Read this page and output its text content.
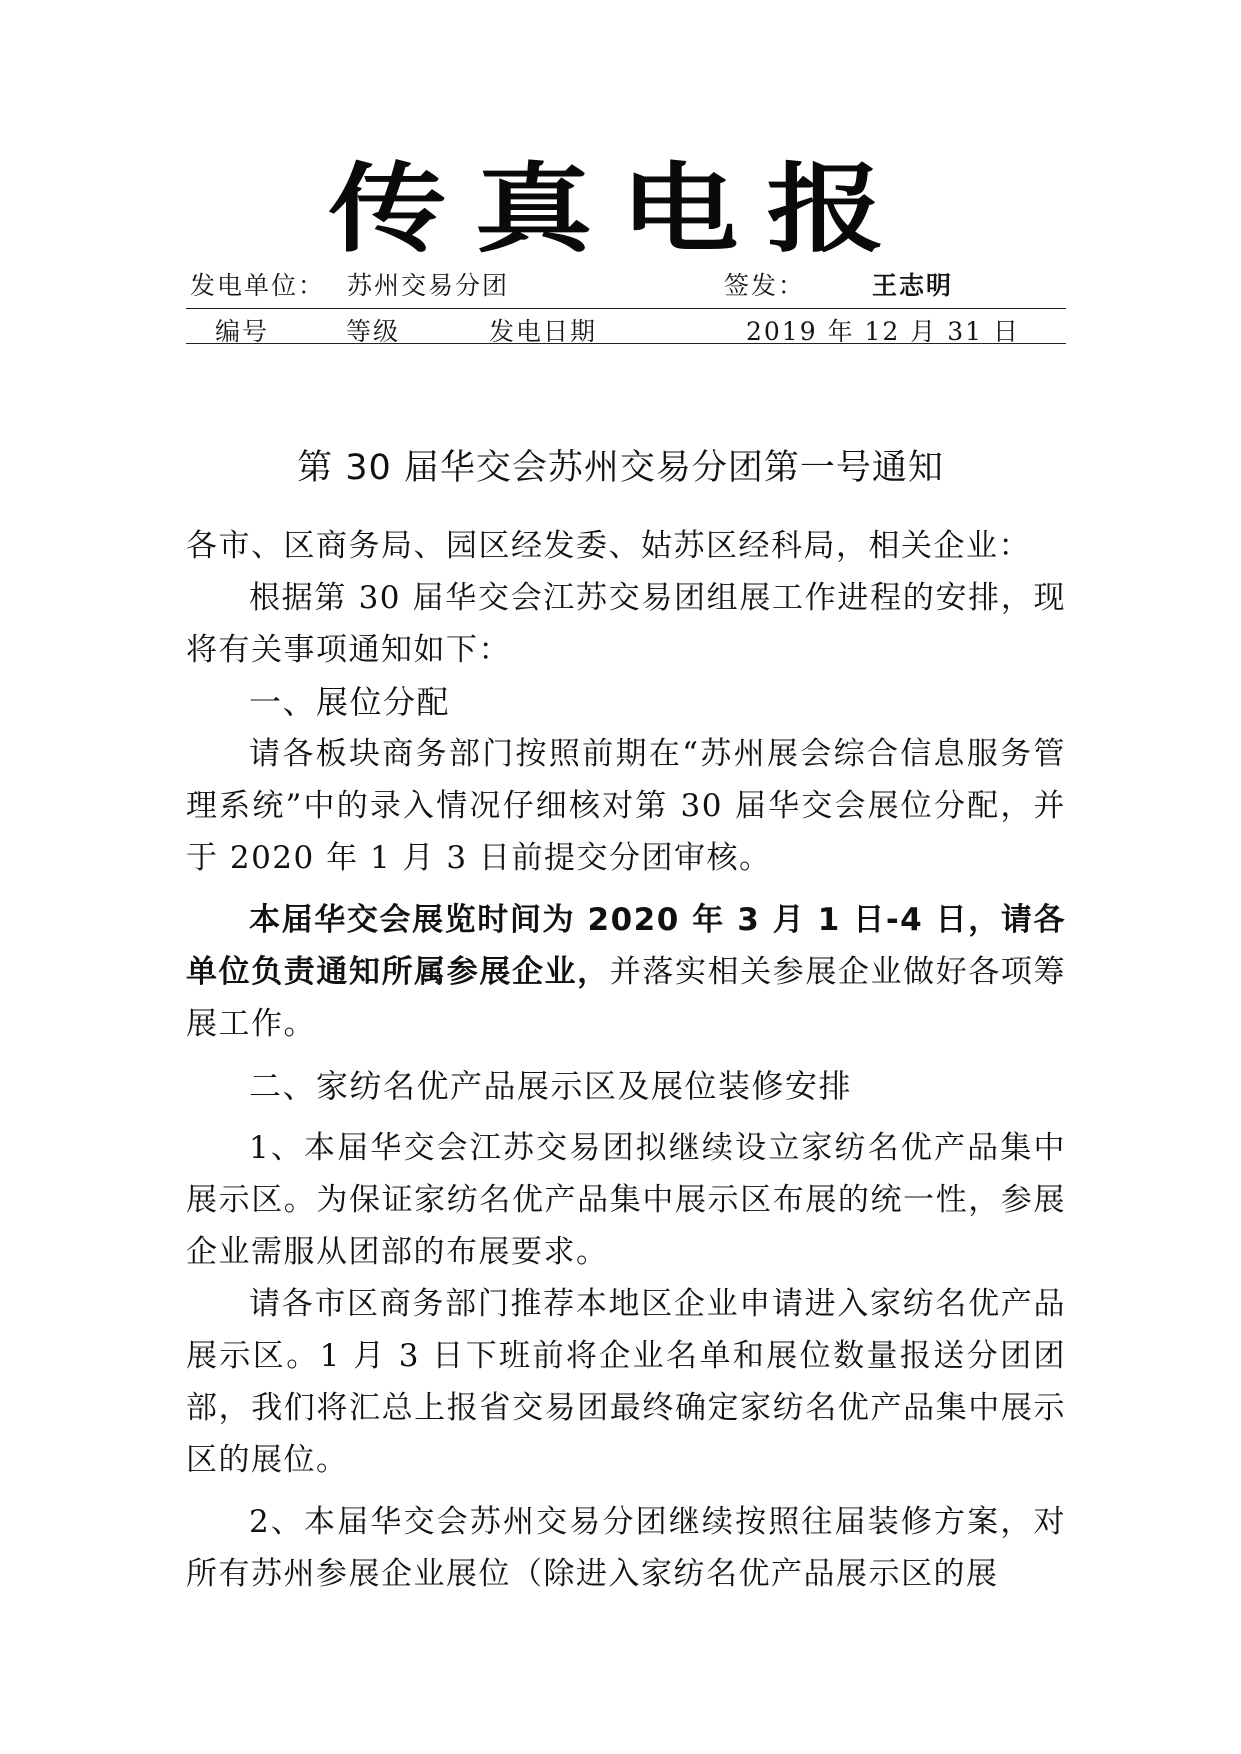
传真电报
发电单位： 苏州交易分团	签发：	王志明
编号	等级	发电日期	2019 年 12 月 31 日
第 30 届华交会苏州交易分团第一号通知

各市、区商务局、园区经发委、姑苏区经科局，相关企业：

根据第 30 届华交会江苏交易团组展工作进程的安排，现将有关事项通知如下：

一、展位分配

请各板块商务部门按照前期在“苏州展会综合信息服务管理系统”中的录入情况仔细核对第 30 届华交会展位分配，并于 2020 年 1 月 3 日前提交分团审核。

本届华交会展览时间为 2020 年 3 月 1 日-4 日，请各单位负责通知所属参展企业，并落实相关参展企业做好各项筹展工作。

二、家纺名优产品展示区及展位装修安排

1、本届华交会江苏交易团拟继续设立家纺名优产品集中展示区。为保证家纺名优产品集中展示区布展的统一性，参展企业需服从团部的布展要求。

请各市区商务部门推荐本地区企业申请进入家纺名优产品展示区。1 月 3 日下班前将企业名单和展位数量报送分团团部，我们将汇总上报省交易团最终确定家纺名优产品集中展示区的展位。

2、本届华交会苏州交易分团继续按照往届装修方案，对所有苏州参展企业展位（除进入家纺名优产品展示区的展
